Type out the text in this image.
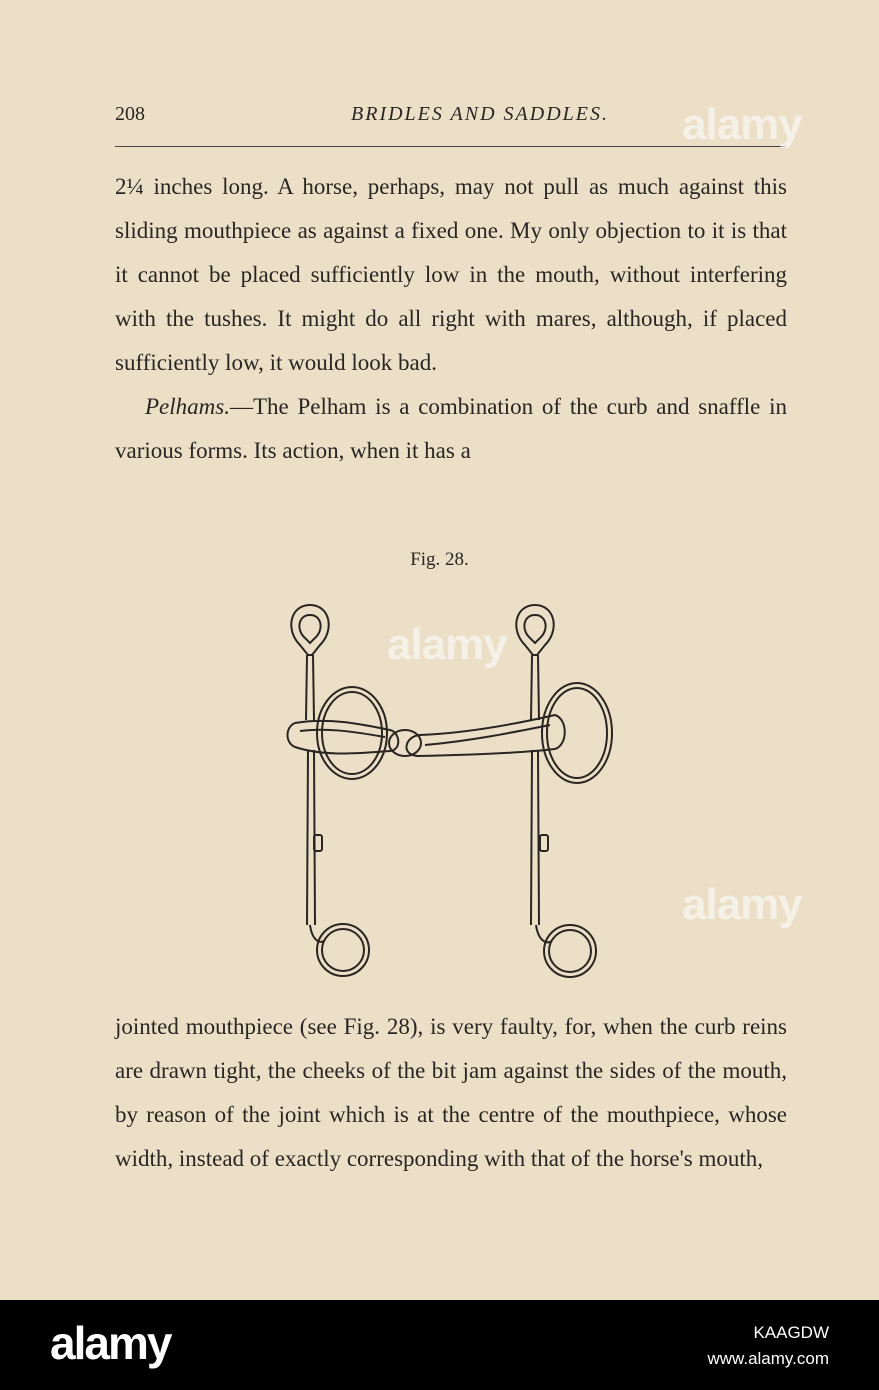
208	BRIDLES AND SADDLES.

2¼ inches long. A horse, perhaps, may not pull as much against this sliding mouthpiece as against a fixed one. My only objection to it is that it cannot be placed sufficiently low in the mouth, without interfering with the tushes. It might do all right with mares, although, if placed sufficiently low, it would look bad.

Pelhams.—The Pelham is a combination of the curb and snaffle in various forms. Its action, when it has a

Fig. 28.

jointed mouthpiece (see Fig. 28), is very faulty, for, when the curb reins are drawn tight, the cheeks of the bit jam against the sides of the mouth, by reason of the joint which is at the centre of the mouthpiece, whose width, instead of exactly corresponding with that of the horse's mouth,

alamy
alamy
alamy
alamy	KAAGDW
www.alamy.com
